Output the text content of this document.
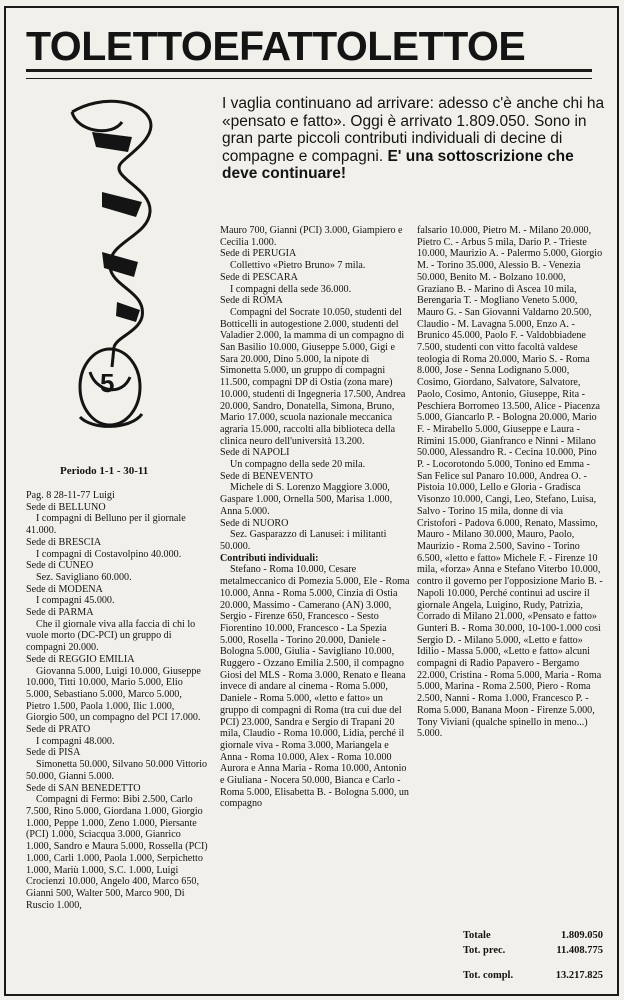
TOLETTOEFATTOLETTOE
5
Periodo 1-1 - 30-11
I vaglia continuano ad arrivare: adesso c'è anche chi ha «pensato e fatto». Oggi è arrivato 1.809.050. Sono in gran parte piccoli contributi individuali di decine di compagne e compagni. E' una sottoscrizione che deve continuare!

Pag. 8 28-11-77 Luigi

Sede di BELLUNO

I compagni di Belluno per il giornale 41.000.

Sede di BRESCIA

I compagni di Costavolpino 40.000.

Sede di CUNEO

Sez. Savigliano 60.000.

Sede di MODENA

I compagni 45.000.

Sede di PARMA

Che il giornale viva alla faccia di chi lo vuole morto (DC-PCI) un gruppo di compagni 20.000.

Sede di REGGIO EMILIA

Giovanna 5.000, Luigi 10.000, Giuseppe 10.000, Titti 10.000, Mario 5.000, Elio 5.000, Sebastiano 5.000, Marco 5.000, Pietro 1.500, Paola 1.000, Ilic 1.000, Giorgio 500, un compagno del PCI 17.000.

Sede di PRATO

I compagni 48.000.

Sede di PISA

Simonetta 50.000, Silvano 50.000 Vittorio 50.000, Gianni 5.000.

Sede di SAN BENEDETTO

Compagni di Fermo: Bibi 2.500, Carlo 7.500, Rino 5.000, Giordana 1.000, Giorgio 1.000, Peppe 1.000, Zeno 1.000, Piersante (PCI) 1.000, Sciacqua 3.000, Gianrico 1.000, Sandro e Maura 5.000, Rossella (PCI) 1.000, Carli 1.000, Paola 1.000, Serpichetto 1.000, Mariù 1.000, S.C. 1.000, Luigi Crocienzi 10.000, Angelo 400, Marco 650, Gianni 500, Walter 500, Marco 900, Di Ruscio 1.000,

Mauro 700, Gianni (PCI) 3.000, Giampiero e Cecilia 1.000.

Sede di PERUGIA

Collettivo «Pietro Bruno» 7 mila.

Sede di PESCARA

I compagni della sede 36.000.

Sede di ROMA

Compagni del Socrate 10.050, studenti del Botticelli in autogestione 2.000, studenti del Valadier 2.000, la mamma di un compagno di San Basilio 10.000, Giuseppe 5.000, Gigi e Sara 20.000, Dino 5.000, la nipote di Simonetta 5.000, un gruppo di compagni 11.500, compagni DP di Ostia (zona mare) 10.000, studenti di Ingegneria 17.500, Andrea 20.000, Sandro, Donatella, Simona, Bruno, Mario 17.000, scuola nazionale meccanica agraria 15.000, raccolti alla biblioteca della clinica neuro dell'università 13.200.

Sede di NAPOLI

Un compagno della sede 20 mila.

Sede di BENEVENTO

Michele di S. Lorenzo Maggiore 3.000, Gaspare 1.000, Ornella 500, Marisa 1.000, Anna 5.000.

Sede di NUORO

Sez. Gasparazzo di Lanusei: i militanti 50.000.

Contributi individuali:

Stefano - Roma 10.000, Cesare metalmeccanico di Pomezia 5.000, Ele - Roma 10.000, Anna - Roma 5.000, Cinzia di Ostia 20.000, Massimo - Camerano (AN) 3.000, Sergio - Firenze 650, Francesco - Sesto Fiorentino 10.000, Francesco - La Spezia 5.000, Rosella - Torino 20.000, Daniele - Bologna 5.000, Giulia - Savigliano 10.000, Ruggero - Ozzano Emilia 2.500, il compagno Giosi del MLS - Roma 3.000, Renato e Ileana invece di andare al cinema - Roma 5.000, Daniele - Roma 5.000, «letto e fatto» un gruppo di compagni di Roma (tra cui due del PCI) 23.000, Sandra e Sergio di Trapani 20 mila, Claudio - Roma 10.000, Lidia, perché il giornale viva - Roma 3.000, Mariangela e Anna - Roma 10.000, Alex - Roma 10.000 Aurora e Anna Maria - Roma 10.000, Antonio e Giuliana - Nocera 50.000, Bianca e Carlo - Roma 5.000, Elisabetta B. - Bologna 5.000, un compagno

falsario 10.000, Pietro M. - Milano 20.000, Pietro C. - Arbus 5 mila, Dario P. - Trieste 10.000, Maurizio A. - Palermo 5.000, Giorgio M. - Torino 35.000, Alessio B. - Venezia 50.000, Benito M. - Bolzano 10.000, Graziano B. - Marino di Ascea 10 mila, Berengaria T. - Mogliano Veneto 5.000, Mauro G. - San Giovanni Valdarno 20.500, Claudio - M. Lavagna 5.000, Enzo A. - Brunico 45.000, Paolo F. - Valdobbiadene 7.500, studenti con vitto facoltà valdese teologia di Roma 20.000, Mario S. - Roma 8.000, Jose - Senna Lodignano 5.000, Cosimo, Giordano, Salvatore, Salvatore, Paolo, Cosimo, Antonio, Giuseppe, Rita - Peschiera Borromeo 13.500, Alice - Piacenza 5.000, Giancarlo P. - Bologna 20.000, Mario F. - Mirabello 5.000, Giuseppe e Laura - Rimini 15.000, Gianfranco e Ninni - Milano 50.000, Alessandro R. - Cecina 10.000, Pino P. - Locorotondo 5.000, Tonino ed Emma - San Felice sul Panaro 10.000, Andrea O. - Pistoia 10.000, Lello e Gloria - Gradisca Visonzo 10.000, Cangi, Leo, Stefano, Luisa, Salvo - Torino 15 mila, donne di via Cristofori - Padova 6.000, Renato, Massimo, Mauro - Milano 30.000, Mauro, Paolo, Maurizio - Roma 2.500, Savino - Torino 6.500, «letto e fatto» Michele F. - Firenze 10 mila, «forza» Anna e Stefano Viterbo 10.000, contro il governo per l'opposizione Mario B. - Napoli 10.000, Perché continui ad uscire il giornale Angela, Luigino, Rudy, Patrizia, Corrado di Milano 21.000, «Pensato e fatto» Gunteri B. - Roma 30.000, 10-100-1.000 così Sergio D. - Milano 5.000, «Letto e fatto» Idilio - Massa 5.000, «Letto e fatto» alcuni compagni di Radio Papavero - Bergamo 22.000, Cristina - Roma 5.000, Maria - Roma 5.000, Marina - Roma 2.500, Piero - Roma 2.500, Nanni - Roma 1.000, Francesco P. - Roma 5.000, Banana Moon - Firenze 5.000, Tony Viviani (qualche spinello in meno...) 5.000.

Totale	1.809.050
Tot. prec.	11.408.775
Tot. compl.	13.217.825
